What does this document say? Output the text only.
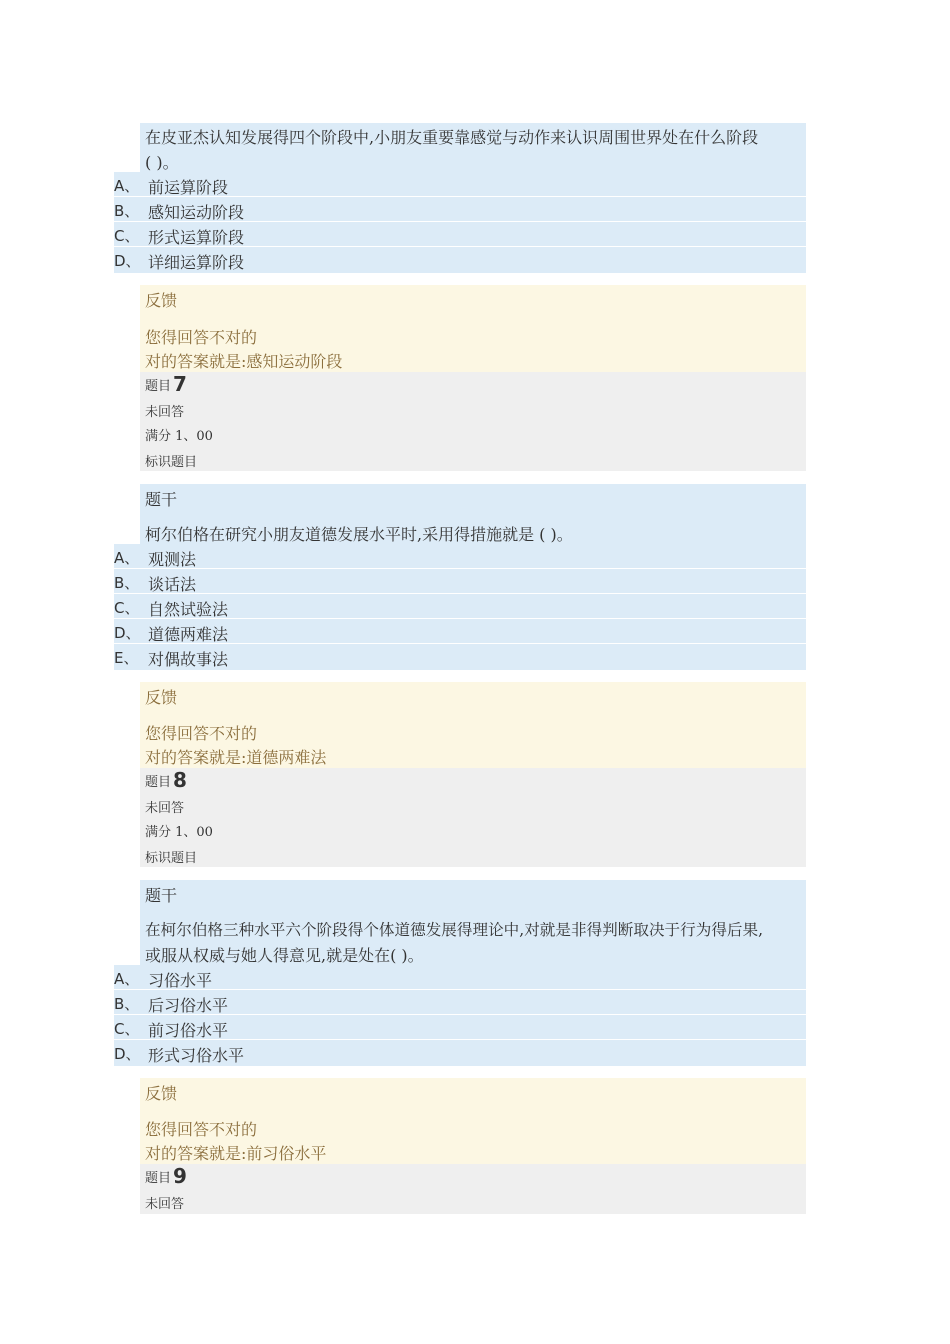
在皮亚杰认知发展得四个阶段中,小朋友重要靠感觉与动作来认识周围世界处在什么阶段
( )。
A、 前运算阶段
B、 感知运动阶段
C、 形式运算阶段
D、 详细运算阶段
反馈
您得回答不对的
对的答案就是:感知运动阶段
题目 7
未回答
满分 1、00
标识题目
题干
柯尔伯格在研究小朋友道德发展水平时,采用得措施就是 ( )。
A、 观测法
B、 谈话法
C、 自然试验法
D、 道德两难法
E、 对偶故事法
反馈
您得回答不对的
对的答案就是:道德两难法
题目 8
未回答
满分 1、00
标识题目
题干
在柯尔伯格三种水平六个阶段得个体道德发展得理论中,对就是非得判断取决于行为得后果,
或服从权威与她人得意见,就是处在( )。
A、 习俗水平
B、 后习俗水平
C、 前习俗水平
D、 形式习俗水平
反馈
您得回答不对的
对的答案就是:前习俗水平
题目 9
未回答
